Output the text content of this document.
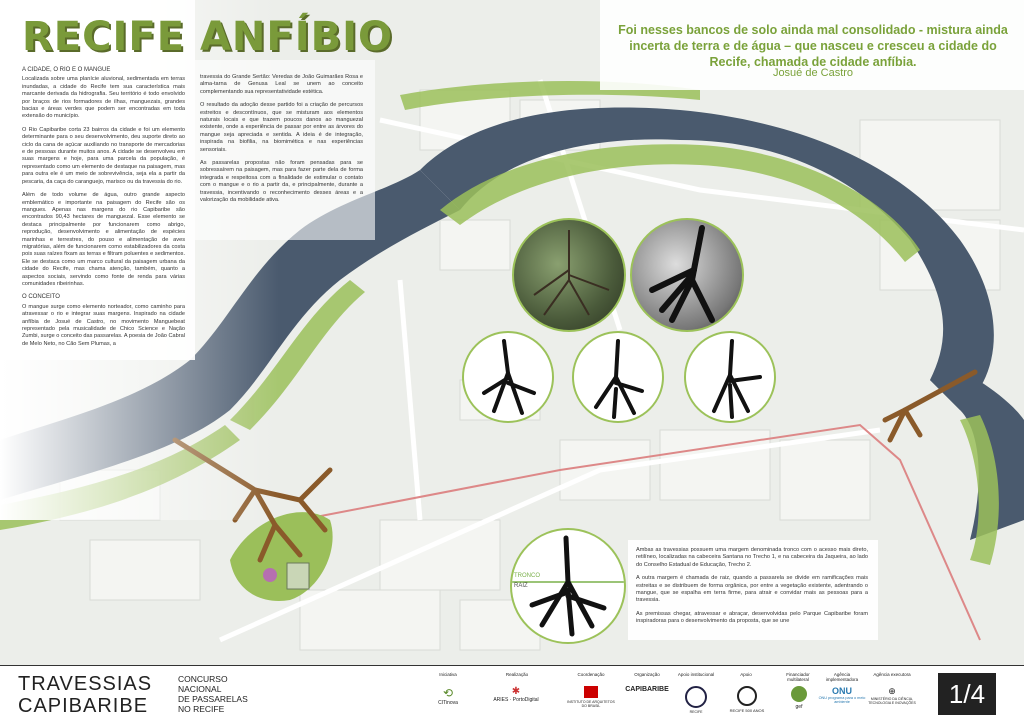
RECIFE ANFÍBIO	Foi nesses bancos de solo ainda mal consolidado - mistura ainda incerta de terra e de água – que nasceu e cresceu a cidade do Recife, chamada de cidade anfíbia.
Josué de Castro
A CIDADE, O RIO E O MANGUE

Localizada sobre uma planície aluvional, sedimentada em terras inundadas, a cidade do Recife tem sua característica mais marcante derivada da hidrografia. Seu território é todo envolvido por braços de rios formadores de ilhas, manguezais, grandes bacias e áreas verdes que podem ser encontradas em toda extensão do município.

O Rio Capibaribe corta 23 bairros da cidade e foi um elemento determinante para o seu desenvolvimento, deu suporte direto ao ciclo da cana de açúcar auxiliando no transporte de mercadorias e de pessoas durante muitos anos. A cidade se desenvolveu em suas margens e hoje, para uma parcela da população, é representado como um elemento de destaque na paisagem, mas para outra ele é um meio de sobrevivência, seja ela a partir da pescaria, da caça do caranguejo, marisco ou da travessia do rio.

Além de todo volume de água, outro grande aspecto emblemático e importante na paisagem do Recife são os mangues. Apenas nas margens do rio Capibaribe são encontrados 90,43 hectares de manguezal. Esse elemento se destaca principalmente por funcionarem como abrigo, reprodução, desenvolvimento e alimentação de espécies marinhas e terrestres, do pouso e alimentação de aves migratórias, além de funcionarem como estabilizadores da costa pois suas raízes fixam as terras e filtram poluentes e sedimentos. Ele se destaca como um marco cultural da paisagem urbana da cidade do Recife, mas chama atenção, também, quanto a aspectos sociais, servindo como fonte de renda para várias comunidades ribeirinhas.

O CONCEITO

O mangue surge como elemento norteador, como caminho para atravessar o rio e integrar suas margens. Inspirado na cidade anfíbia de Josué de Castro, no movimento Manguebeat representado pela musicalidade de Chico Science e Nação Zumbi, surge o conceito das passarelas. A poesia de João Cabral de Melo Neto, no Cão Sem Plumas, a

travessia do Grande Sertão: Veredas de João Guimarães Rosa e alma-tarna de Genusa Leal se unem ao conceito complementando sua representatividade estética.

O resultado da adoção desse partido foi a criação de percursos estreitos e descontínuos, que se misturam aos elementos naturais locais e que trazem poucos danos ao manguezal existente, onde a experiência de passar por entre as árvores do mangue seja apreciada e sentida. A ideia é de integração, inspirada na biofilia, na biomimética e nas experiências sensoriais.

As passarelas propostas não foram pensadas para se sobressaírem na paisagem, mas para fazer parte dela de forma integrada e respeitosa com a finalidade de estimular o contato com o mangue e o rio a partir da, e principalmente, durante a travessia, incentivando o reconhecimento desses áreas e a valorização da mobilidade ativa.

TRONCO
RAIZ

Ambas as travessias possuem uma margem denominada tronco com o acesso mais direto, retilíneo, localizadas na cabeceira Santana no Trecho 1, e na cabeceira da Jaqueira, ao lado do Conselho Estadual de Educação, Trecho 2.

A outra margem é chamada de raiz, quando a passarela se divide em ramificações mais estreitas e se distribuem de forma orgânica, por entre a vegetação existente, adentrando o mangue, que se espalha em terra firme, para atrair e convidar mais as pessoas para a travessia.

As premissas chegar, atravessar e abraçar, desenvolvidas pelo Parque Capibaribe foram inspiradoras para o desenvolvimento da proposta, que se une

TRAVESSIAS
CAPIBARIBE
CONCURSO
NACIONAL
DE PASSARELAS
NO RECIFE
Iniciativa
⟲
CITinova
Realização
✱
ARIES · PortoDigital
Coordenação
INSTITUTO DE ARQUITETOS DO BRASIL
Organização
CAPIBARIBE
Apoio institucional
RECIFE
Apoio
RECIFE 500 ANOS
Financiador multilateral
gef
Agência implementadora
ONU
ONU programa para o meio ambiente
Agência executora
⊕
MINISTÉRIO DA CIÊNCIA, TECNOLOGIA E INOVAÇÕES	1/4
